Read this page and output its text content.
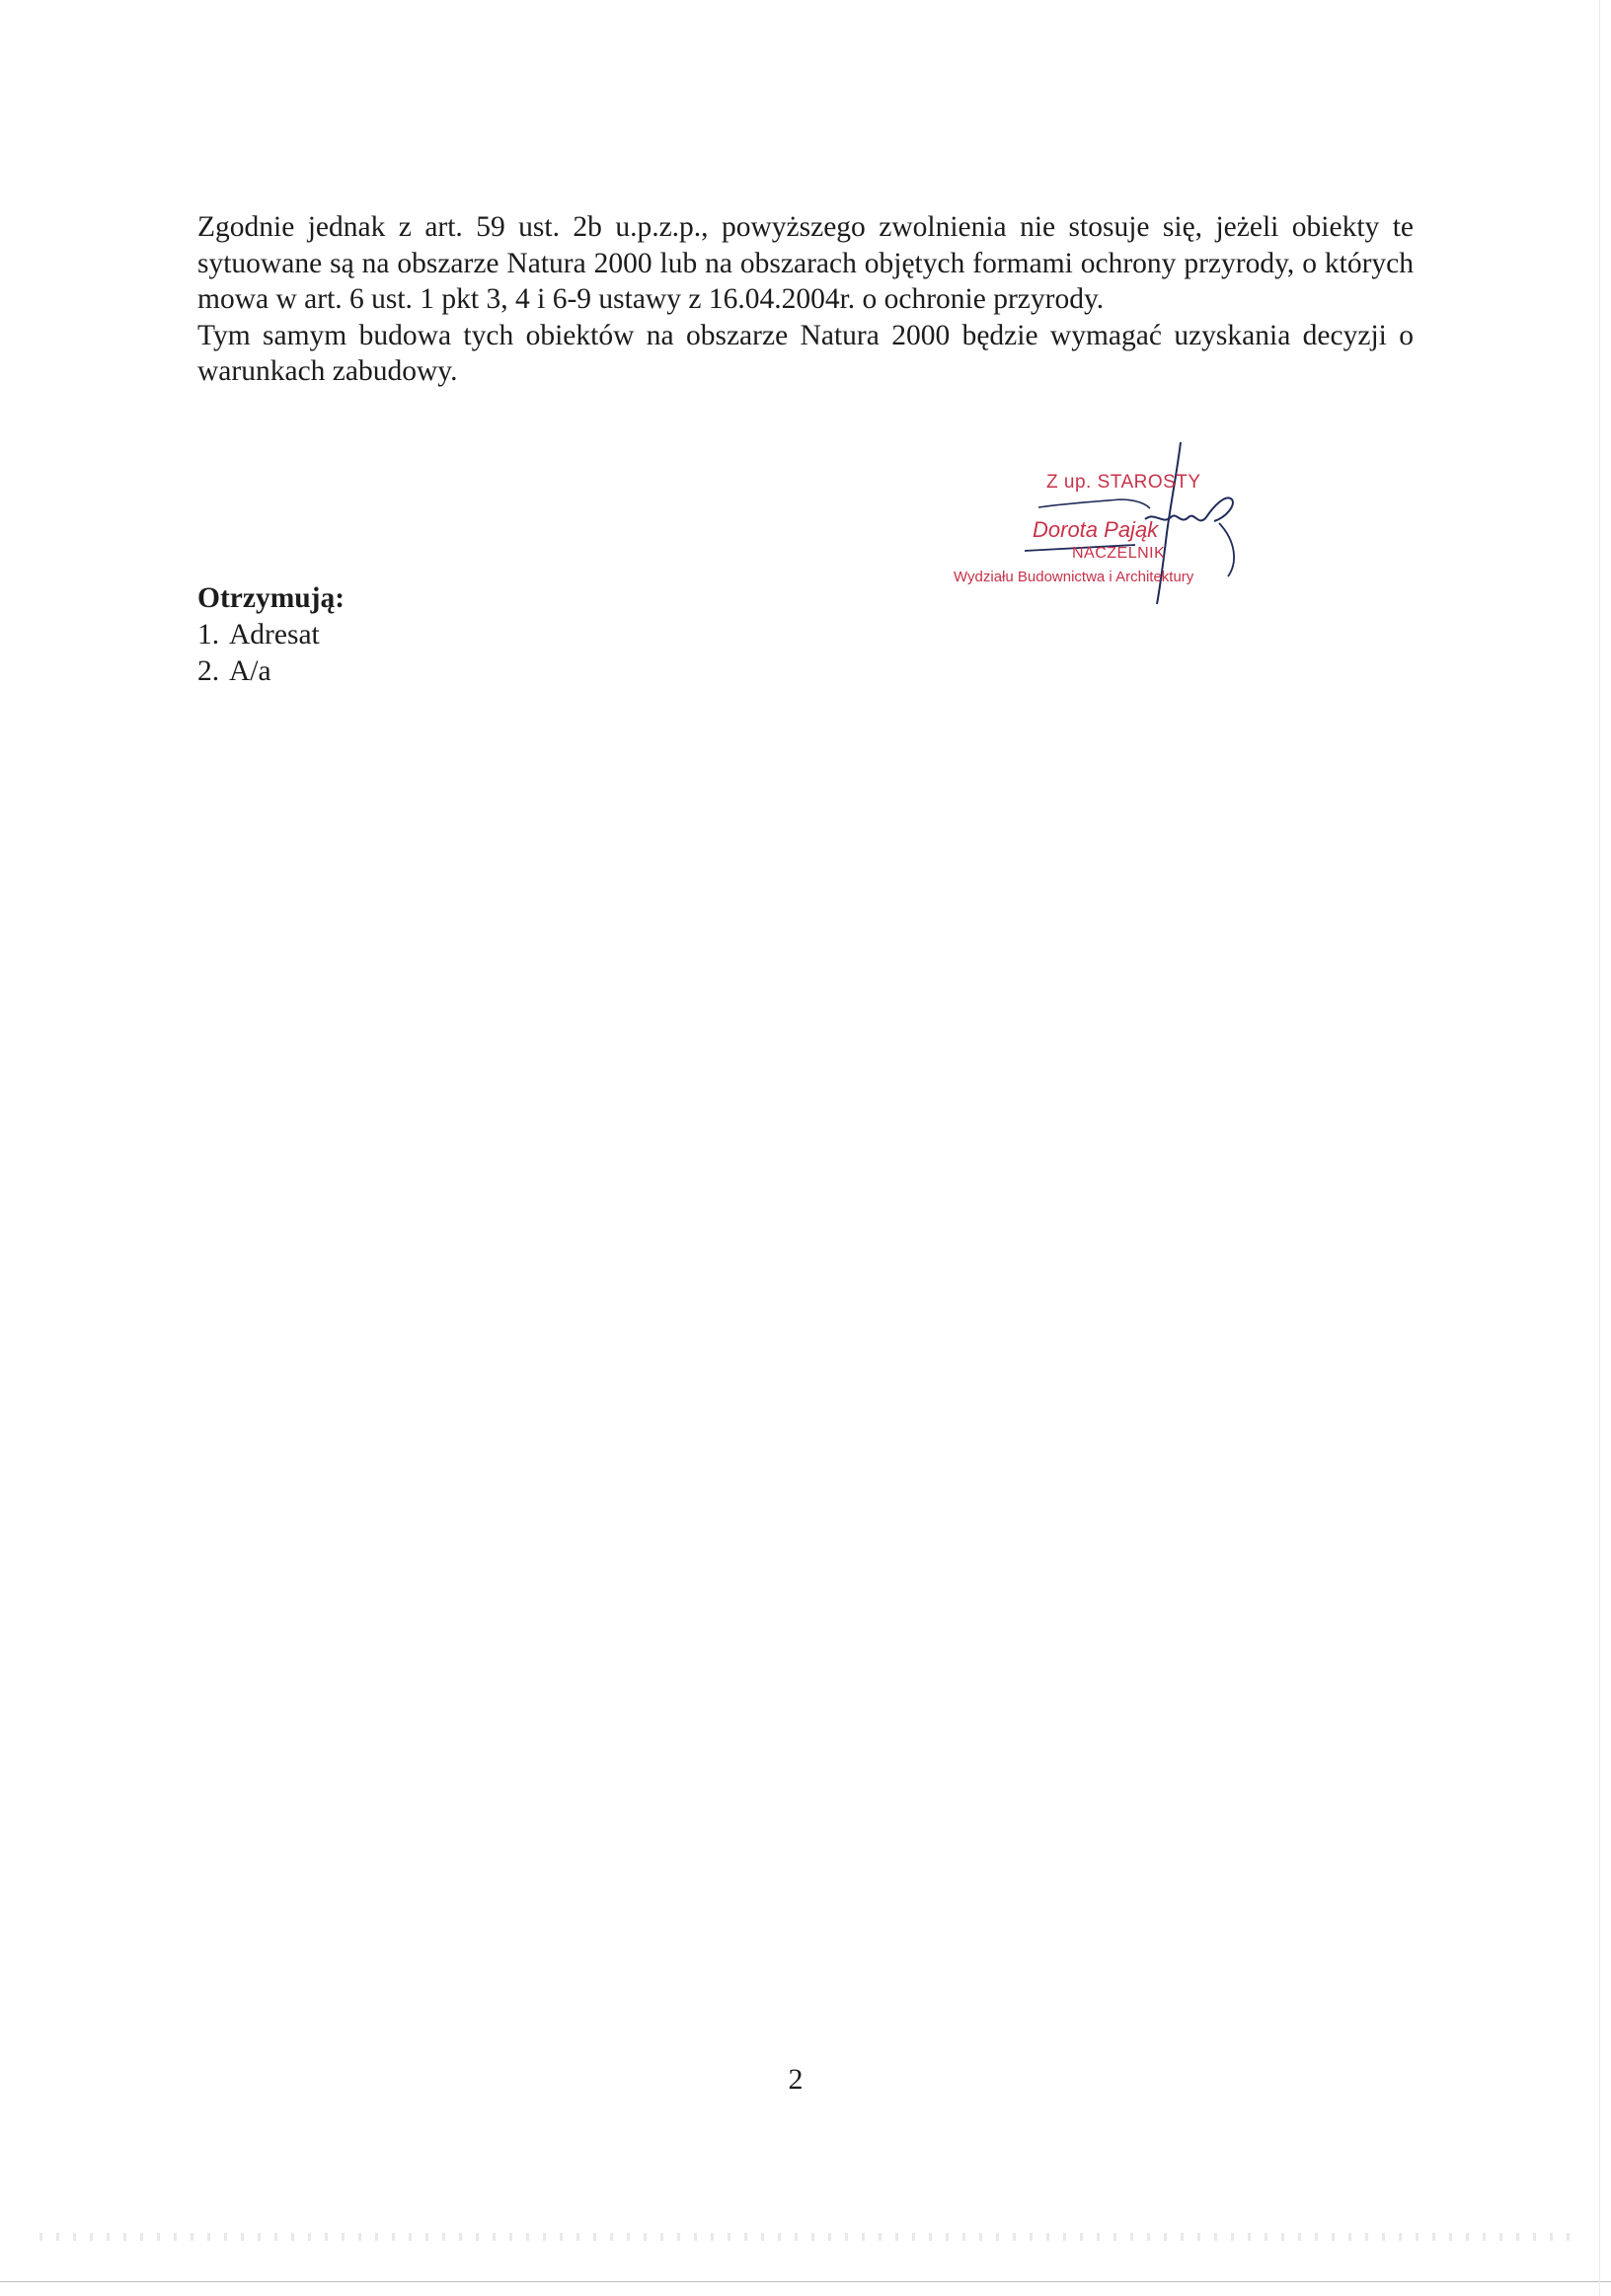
Zgodnie jednak z art. 59 ust. 2b u.p.z.p., powyższego zwolnienia nie stosuje się, jeżeli obiekty te sytuowane są na obszarze Natura 2000 lub na obszarach objętych formami ochrony przyrody, o których mowa w art. 6 ust. 1 pkt 3, 4 i 6-9 ustawy z 16.04.2004r. o ochronie przyrody.

Tym samym budowa tych obiektów na obszarze Natura 2000 będzie wymagać uzyskania decyzji o warunkach zabudowy.

Otrzymują:
1. Adresat
2. A/a
Z up. STAROSTY
Dorota Pająk
NACZELNIK
Wydziału Budownictwa i Architektury
2
